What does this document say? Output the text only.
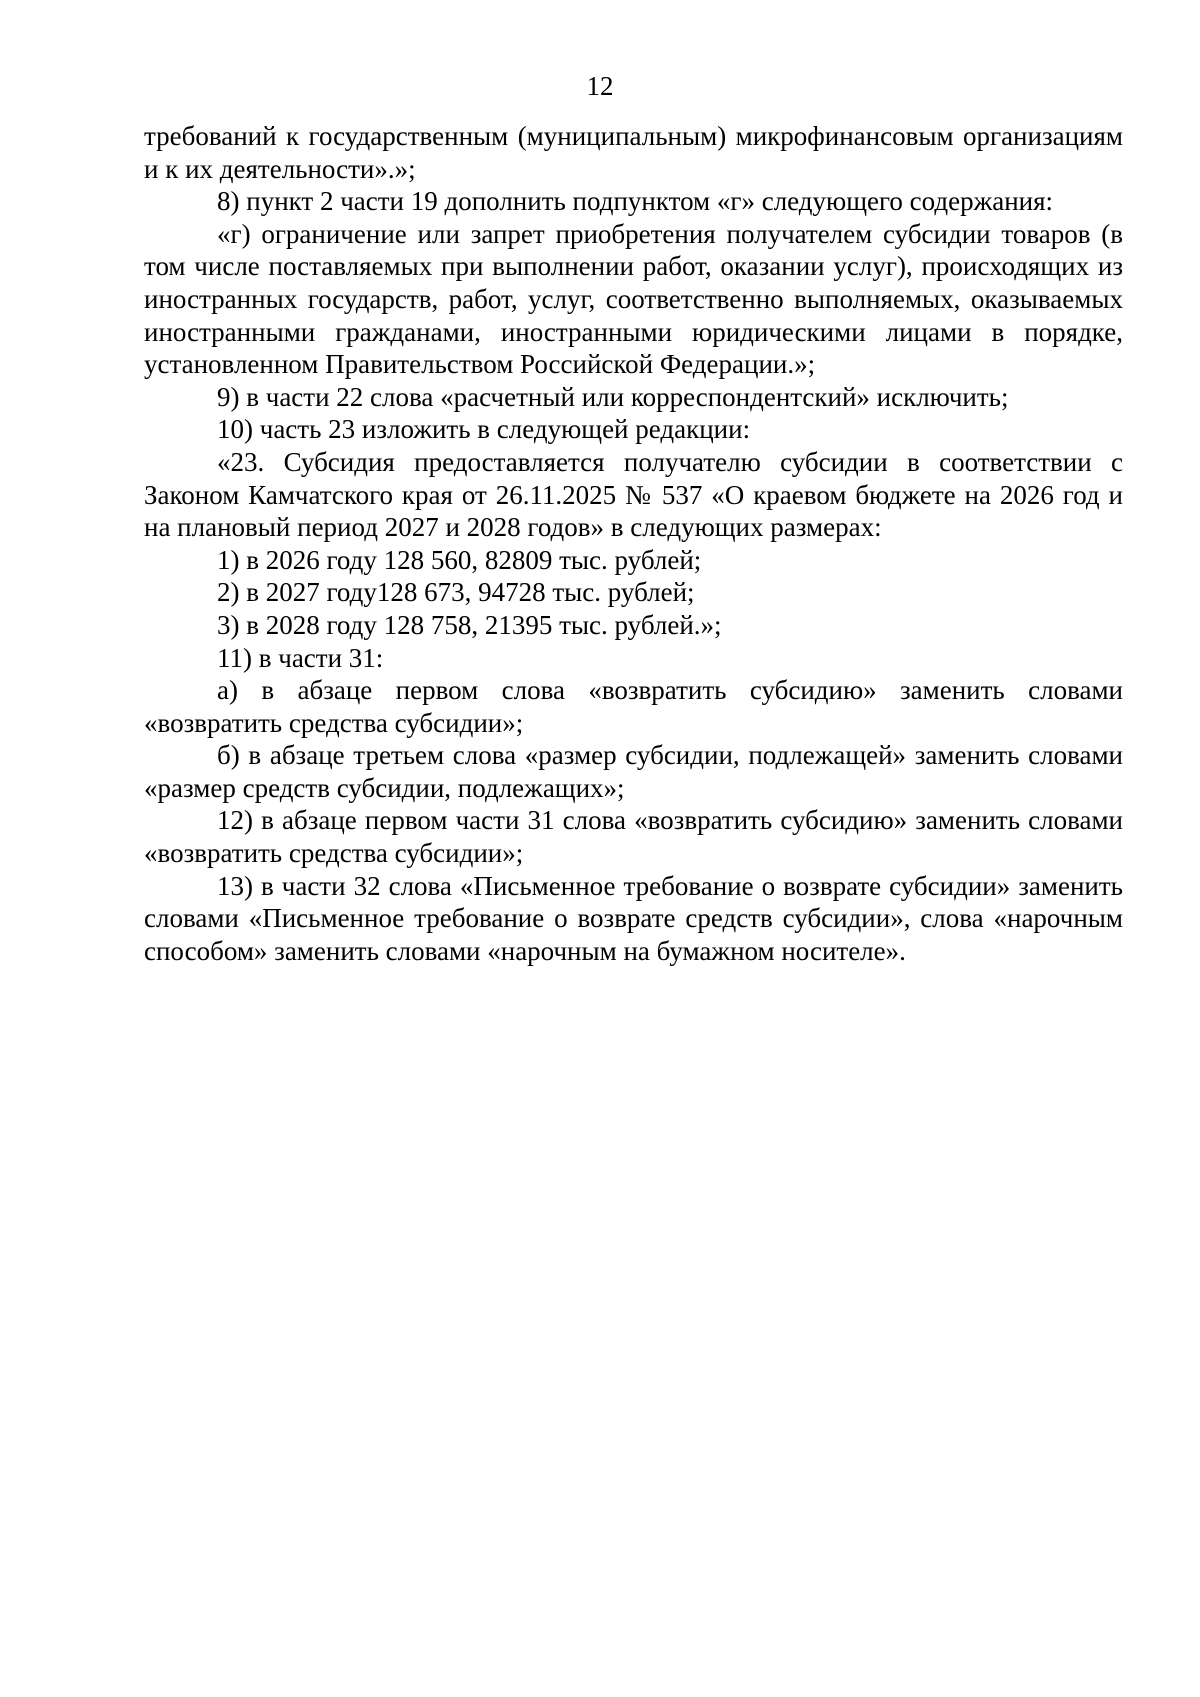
12

требований к государственным (муниципальным) микрофинансовым организациям и к их деятельности».»;

8) пункт 2 части 19 дополнить подпунктом «г» следующего содержания:

«г) ограничение или запрет приобретения получателем субсидии товаров (в том числе поставляемых при выполнении работ, оказании услуг), происходящих из иностранных государств, работ, услуг, соответственно выполняемых, оказываемых иностранными гражданами, иностранными юридическими лицами в порядке, установленном Правительством Российской Федерации.»;

9) в части 22 слова «расчетный или корреспондентский» исключить;

10) часть 23 изложить в следующей редакции:

«23. Субсидия предоставляется получателю субсидии в соответствии с Законом Камчатского края от 26.11.2025 № 537 «О краевом бюджете на 2026 год и на плановый период 2027 и 2028 годов» в следующих размерах:

1) в 2026 году 128 560, 82809 тыс. рублей;

2) в 2027 году128 673, 94728 тыс. рублей;

3) в 2028 году 128 758, 21395 тыс. рублей.»;

11) в части 31:

а) в абзаце первом слова «возвратить субсидию» заменить словами «возвратить средства субсидии»;

б) в абзаце третьем слова «размер субсидии, подлежащей» заменить словами «размер средств субсидии, подлежащих»;

12) в абзаце первом части 31 слова «возвратить субсидию» заменить словами «возвратить средства субсидии»;

13) в части 32 слова «Письменное требование о возврате субсидии» заменить словами «Письменное требование о возврате средств субсидии», слова «нарочным способом» заменить словами «нарочным на бумажном носителе».
